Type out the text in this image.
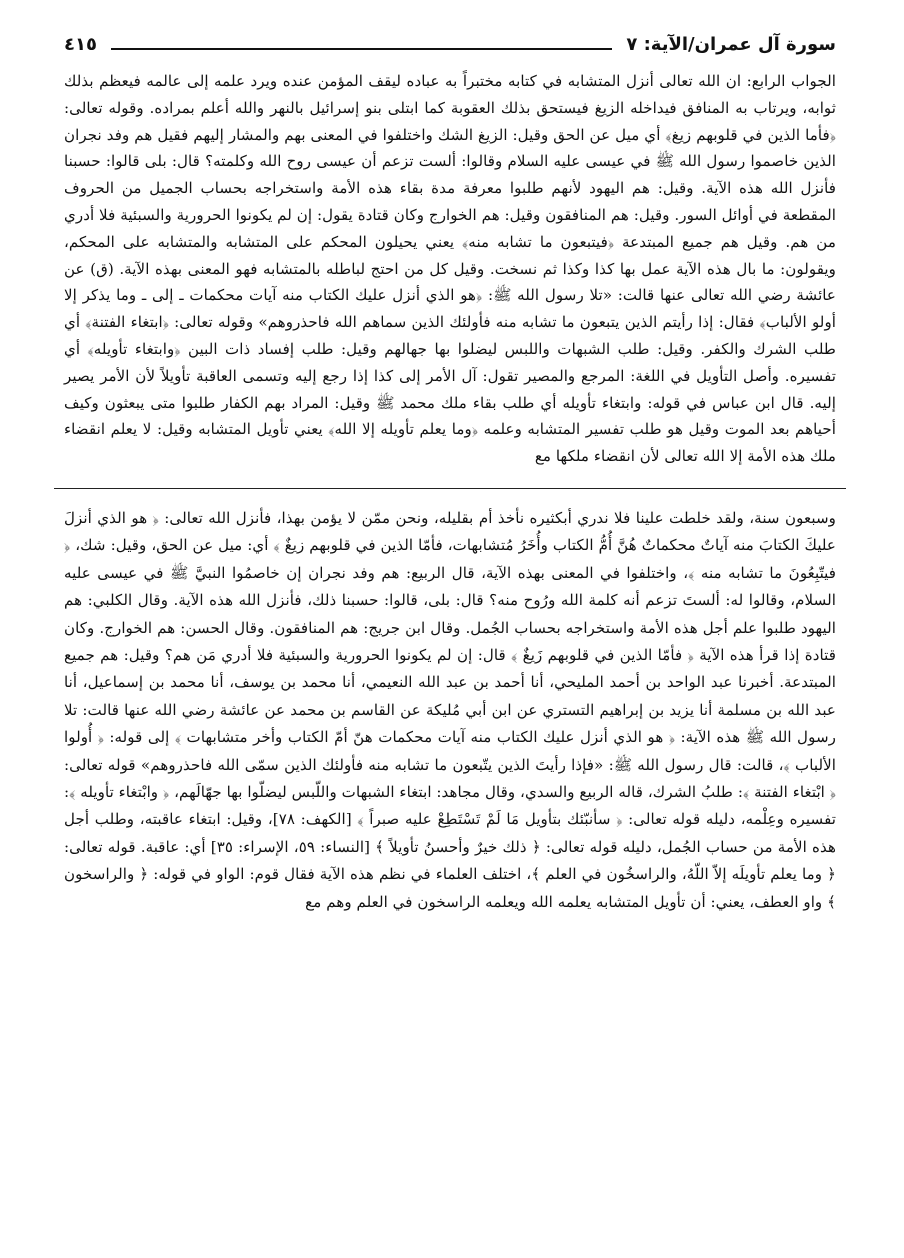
سورة آل عمران/الآية: ٧
٤١٥

الجواب الرابع: ان الله تعالى أنزل المتشابه في كتابه مختبراً به عباده ليقف المؤمن عنده ويرد علمه إلى عالمه فيعظم بذلك ثوابه، ويرتاب به المنافق فيداخله الزيغ فيستحق بذلك العقوبة كما ابتلى بنو إسرائيل بالنهر والله أعلم بمراده. وقوله تعالى: ﴿فأما الذين في قلوبهم زيغ﴾ أي ميل عن الحق وقيل: الزيغ الشك واختلفوا في المعنى بهم والمشار إليهم فقيل هم وفد نجران الذين خاصموا رسول الله ﷺ في عيسى عليه السلام وقالوا: ألست تزعم أن عيسى روح الله وكلمته؟ قال: بلى قالوا: حسبنا فأنزل الله هذه الآية. وقيل: هم اليهود لأنهم طلبوا معرفة مدة بقاء هذه الأمة واستخراجه بحساب الجميل من الحروف المقطعة في أوائل السور. وقيل: هم المنافقون وقيل: هم الخوارج وكان قتادة يقول: إن لم يكونوا الحرورية والسبئية فلا أدري من هم. وقيل هم جميع المبتدعة ﴿فيتبعون ما تشابه منه﴾ يعني يحيلون المحكم على المتشابه والمتشابه على المحكم، ويقولون: ما بال هذه الآية عمل بها كذا وكذا ثم نسخت. وقيل كل من احتج لباطله بالمتشابه فهو المعنى بهذه الآية. (ق) عن عائشة رضي الله تعالى عنها قالت: «تلا رسول الله ﷺ: ﴿هو الذي أنزل عليك الكتاب منه آيات محكمات ـ إلى ـ وما يذكر إلا أولو الألباب﴾ فقال: إذا رأيتم الذين يتبعون ما تشابه منه فأولئك الذين سماهم الله فاحذروهم» وقوله تعالى: ﴿ابتغاء الفتنة﴾ أي طلب الشرك والكفر. وقيل: طلب الشبهات واللبس ليضلوا بها جهالهم وقيل: طلب إفساد ذات البين ﴿وابتغاء تأويله﴾ أي تفسيره. وأصل التأويل في اللغة: المرجع والمصير تقول: آل الأمر إلى كذا إذا رجع إليه وتسمى العاقبة تأويلاً لأن الأمر يصير إليه. قال ابن عباس في قوله: وابتغاء تأويله أي طلب بقاء ملك محمد ﷺ وقيل: المراد بهم الكفار طلبوا متى يبعثون وكيف أحياهم بعد الموت وقيل هو طلب تفسير المتشابه وعلمه ﴿وما يعلم تأويله إلا الله﴾ يعني تأويل المتشابه وقيل: لا يعلم انقضاء ملك هذه الأمة إلا الله تعالى لأن انقضاء ملكها مع

وسبعون سنة، ولقد خلطت علينا فلا ندري أبكثيره نأخذ أم بقليله، ونحن ممّن لا يؤمن بهذا، فأنزل الله تعالى: ﴿ هو الذي أنزلَ عليكَ الكتابَ منه آياتٌ محكماتٌ هُنَّ أُمُّ الكتاب وأُخَرُ مُتشابهات، فأمّا الذين في قلوبهم زيغٌ ﴾ أي: ميل عن الحق، وقيل: شك، ﴿ فيتّبِعُونَ ما تشابه منه ﴾، واختلفوا في المعنى بهذه الآية، قال الربيع: هم وفد نجران إن خاصمُوا النبيَّ ﷺ في عيسى عليه السلام، وقالوا له: ألستَ تزعم أنه كلمة الله ورُوح منه؟ قال: بلى، قالوا: حسبنا ذلك، فأنزل الله هذه الآية. وقال الكلبي: هم اليهود طلبوا علم أجل هذه الأمة واستخراجه بحساب الجُمل. وقال ابن جريج: هم المنافقون. وقال الحسن: هم الخوارج. وكان قتادة إذا قرأ هذه الآية ﴿ فأمّا الذين في قلوبهم زَيغٌ ﴾ قال: إن لم يكونوا الحرورية والسبئية فلا أدري مَن هم؟ وقيل: هم جميع المبتدعة. أخبرنا عبد الواحد بن أحمد المليحي، أنا أحمد بن عبد الله النعيمي، أنا محمد بن يوسف، أنا محمد بن إسماعيل، أنا عبد الله بن مسلمة أنا يزيد بن إبراهيم التستري عن ابن أبي مُليكة عن القاسم بن محمد عن عائشة رضي الله عنها قالت: تلا رسول الله ﷺ هذه الآية: ﴿ هو الذي أنزل عليك الكتاب منه آيات محكمات هنّ أمّ الكتاب وأخر متشابهات ﴾ إلى قوله: ﴿ أُولوا الألباب ﴾، قالت: قال رسول الله ﷺ: «فإذا رأيتَ الذين يتّبعون ما تشابه منه فأولئك الذين سمّى الله فاحذروهم» قوله تعالى: ﴿ ابْتغاء الفتنة ﴾: طلبُ الشرك، قاله الربيع والسدي، وقال مجاهد: ابتغاء الشبهات واللّبس ليضلّوا بها جهّالَهم، ﴿ وابْتغاء تأويله ﴾: تفسيره وعِلْمه، دليله قوله تعالى: ﴿ سأنبّئك بتأويل مَا لَمْ تَسْتَطِعْ عليه صبراً ﴾ [الكهف: ٧٨]، وقيل: ابتغاء عاقبته، وطلب أجل هذه الأمة من حساب الجُمل، دليله قوله تعالى: ﴿ ذلك خيرٌ وأحسنُ تأويلاً ﴾ [النساء: ٥٩، الإسراء: ٣٥] أي: عاقبة. قوله تعالى: ﴿ وما يعلم تأويلَه إلاّ اللّهُ، والراسخُون في العلم ﴾، اختلف العلماء في نظم هذه الآية فقال قوم: الواو في قوله: ﴿ والراسخون ﴾ واو العطف، يعني: أن تأويل المتشابه يعلمه الله ويعلمه الراسخون في العلم وهم مع
